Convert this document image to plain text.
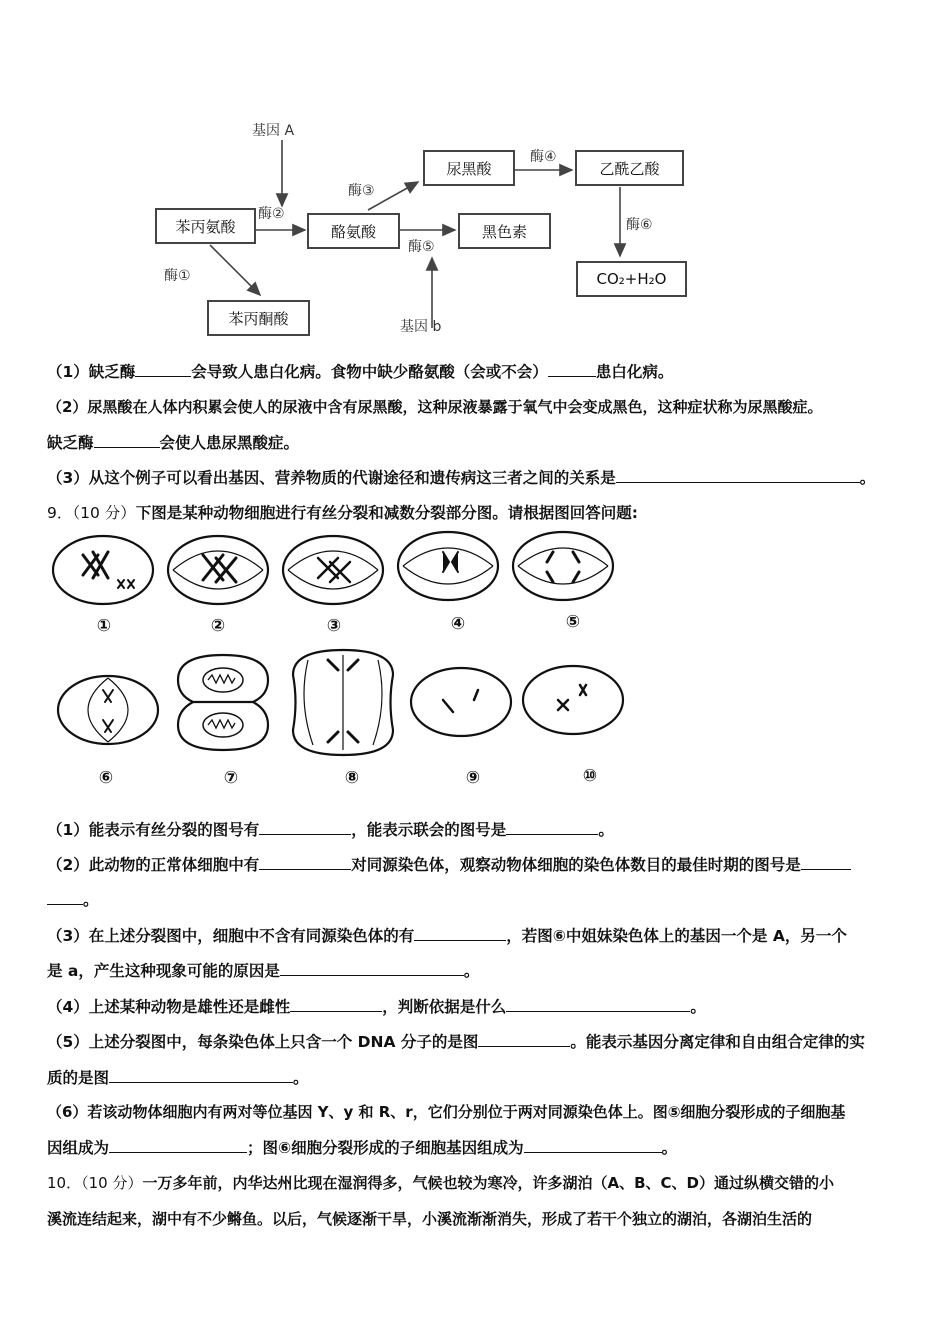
基因 A
基因 b
苯丙氨酸	酪氨酸
苯丙酮酸
尿黑酸	乙酰乙酸
黑色素
CO₂+H₂O
酶①
酶②
酶③
酶④
酶⑤
酶⑥
（1）缺乏酶	会导致人患白化病。食物中缺少酪氨酸（会或不会）	患白化病。
（2）尿黑酸在人体内积累会使人的尿液中含有尿黑酸，这种尿液暴露于氧气中会变成黑色，这种症状称为尿黑酸症。
缺乏酶	会使人患尿黑酸症。
（3）从这个例子可以看出基因、营养物质的代谢途径和遗传病这三者之间的关系是	。
9．（10 分）下图是某种动物细胞进行有丝分裂和减数分裂部分图。请根据图回答问题:
①	②	③	④	⑤
⑥	⑦	⑧	⑨	⑩
（1）能表示有丝分裂的图号有	，能表示联会的图号是	。
（2）此动物的正常体细胞中有	对同源染色体，观察动物体细胞的染色体数目的最佳时期的图号是
。
（3）在上述分裂图中，细胞中不含有同源染色体的有	，若图⑥中姐妹染色体上的基因一个是 A，另一个
是 a，产生这种现象可能的原因是	。
（4）上述某种动物是雄性还是雌性	，判断依据是什么	。
（5）上述分裂图中，每条染色体上只含一个 DNA 分子的是图	。能表示基因分离定律和自由组合定律的实
质的是图	。
（6）若该动物体细胞内有两对等位基因 Y、y 和 R、r，它们分别位于两对同源染色体上。图⑤细胞分裂形成的子细胞基
因组成为	；图⑥细胞分裂形成的子细胞基因组成为	。
10．（10 分）一万多年前，内华达州比现在湿润得多，气候也较为寒冷，许多湖泊（A、B、C、D）通过纵横交错的小
溪流连结起来，湖中有不少鳉鱼。以后，气候逐渐干旱，小溪流渐渐消失，形成了若干个独立的湖泊，各湖泊生活的
